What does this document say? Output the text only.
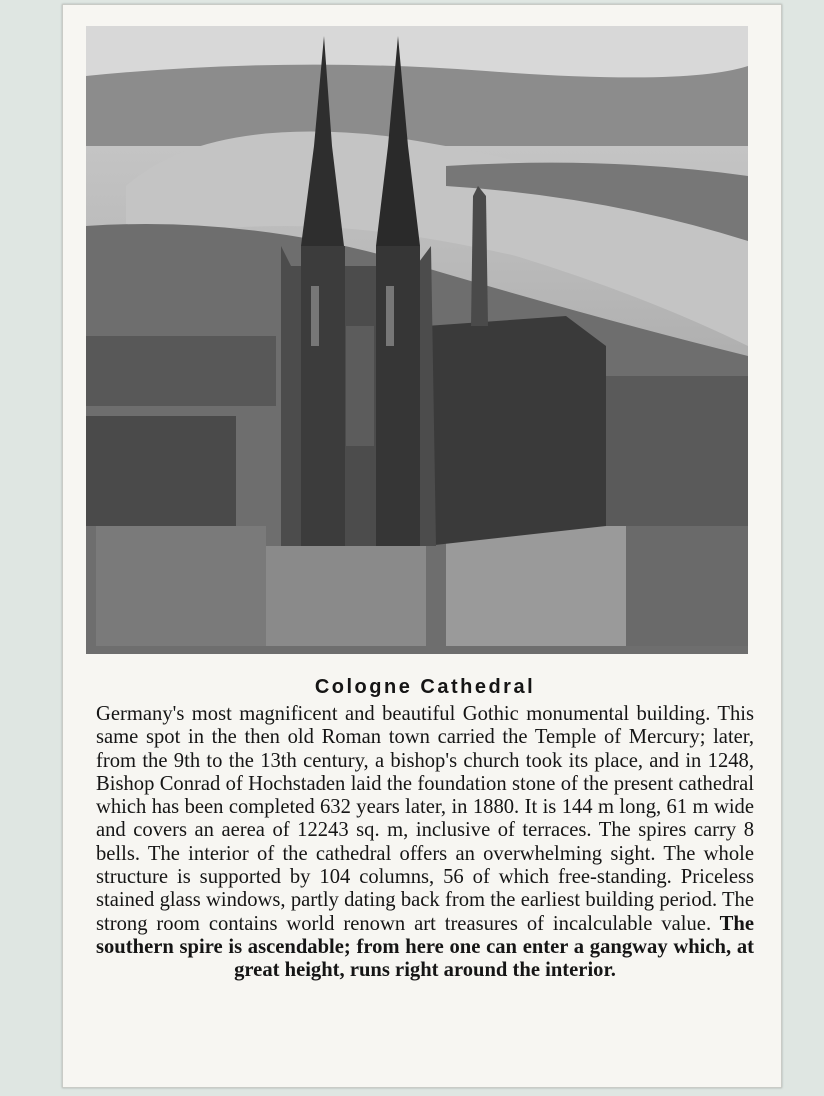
Cologne Cathedral

Germany's most magnificent and beautiful Gothic monumental building. This same spot in the then old Roman town carried the Temple of Mercury; later, from the 9th to the 13th century, a bishop's church took its place, and in 1248, Bishop Conrad of Hochstaden laid the foundation stone of the present cathedral which has been completed 632 years later, in 1880. It is 144 m long, 61 m wide and covers an aerea of 12243 sq. m, inclusive of terraces. The spires carry 8 bells. The interior of the cathedral offers an overwhelming sight. The whole structure is supported by 104 columns, 56 of which free-standing. Priceless stained glass windows, partly dating back from the earliest building period. The strong room contains world renown art treasures of incalculable value. The southern spire is ascendable; from here one can enter a gangway which, at great height, runs right around the interior.
